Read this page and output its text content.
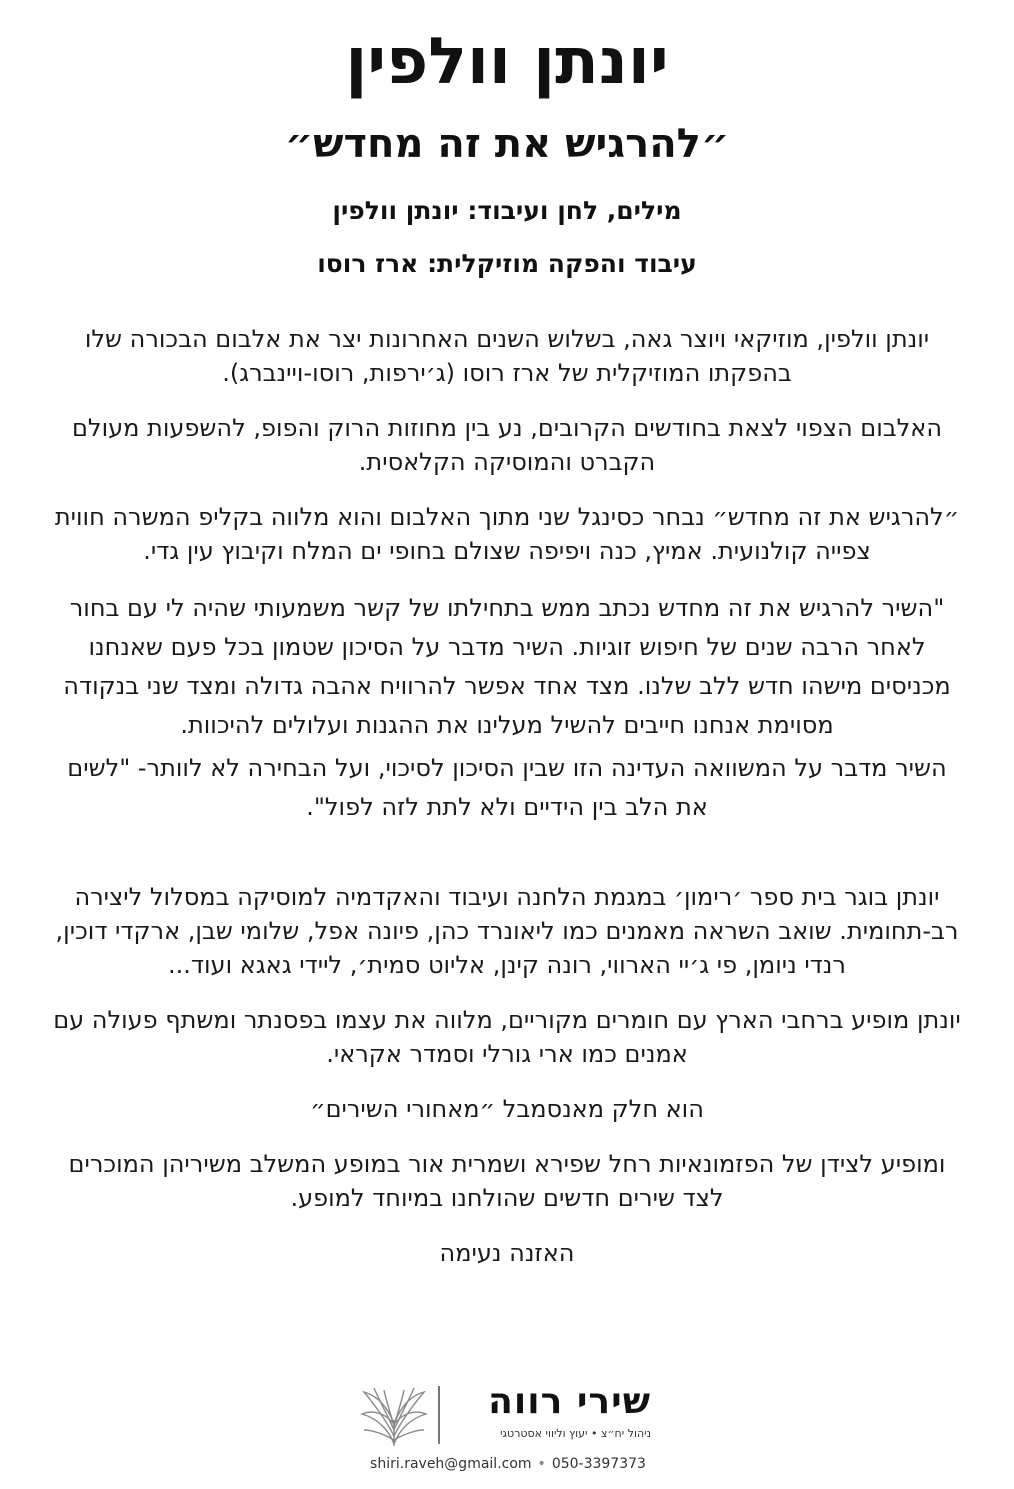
יונתן וולפין
״להרגיש את זה מחדש״
מילים, לחן ועיבוד: יונתן וולפין
עיבוד והפקה מוזיקלית: ארז רוסו

יונתן וולפין, מוזיקאי ויוצר גאה, בשלוש השנים האחרונות יצר את אלבום הבכורה שלו בהפקתו המוזיקלית של ארז רוסו (ג׳ירפות, רוסו-ויינברג).

האלבום הצפוי לצאת בחודשים הקרובים, נע בין מחוזות הרוק והפופ, להשפעות מעולם הקברט והמוסיקה הקלאסית.

״להרגיש את זה מחדש״ נבחר כסינגל שני מתוך האלבום והוא מלווה בקליפ המשרה חווית צפייה קולנועית. אמיץ, כנה ויפיפה שצולם בחופי ים המלח וקיבוץ עין גדי.

"השיר להרגיש את זה מחדש נכתב ממש בתחילתו של קשר משמעותי שהיה לי עם בחור לאחר הרבה שנים של חיפוש זוגיות. השיר מדבר על הסיכון שטמון בכל פעם שאנחנו מכניסים מישהו חדש ללב שלנו. מצד אחד אפשר להרוויח אהבה גדולה ומצד שני בנקודה מסוימת אנחנו חייבים להשיל מעלינו את ההגנות ועלולים להיכוות.

השיר מדבר על המשוואה העדינה הזו שבין הסיכון לסיכוי, ועל הבחירה לא לוותר- "לשים את הלב בין הידיים ולא לתת לזה לפול".

יונתן בוגר בית ספר ׳רימון׳ במגמת הלחנה ועיבוד והאקדמיה למוסיקה במסלול ליצירה רב-תחומית. שואב השראה מאמנים כמו ליאונרד כהן, פיונה אפל, שלומי שבן, ארקדי דוכין, רנדי ניומן, פי ג׳יי הארווי, רונה קינן, אליוט סמית׳, ליידי גאגא ועוד...

יונתן מופיע ברחבי הארץ עם חומרים מקוריים, מלווה את עצמו בפסנתר ומשתף פעולה עם אמנים כמו ארי גורלי וסמדר אקראי.

הוא חלק מאנסמבל ״מאחורי השירים״

ומופיע לצידן של הפזמונאיות רחל שפירא ושמרית אור במופע המשלב משיריהן המוכרים לצד שירים חדשים שהולחנו במיוחד למופע.

האזנה נעימה

שירי רווה
ניהול יח״צ • יעוץ וליווי אסטרטגי
shiri.raveh@gmail.com • 050-3397373
